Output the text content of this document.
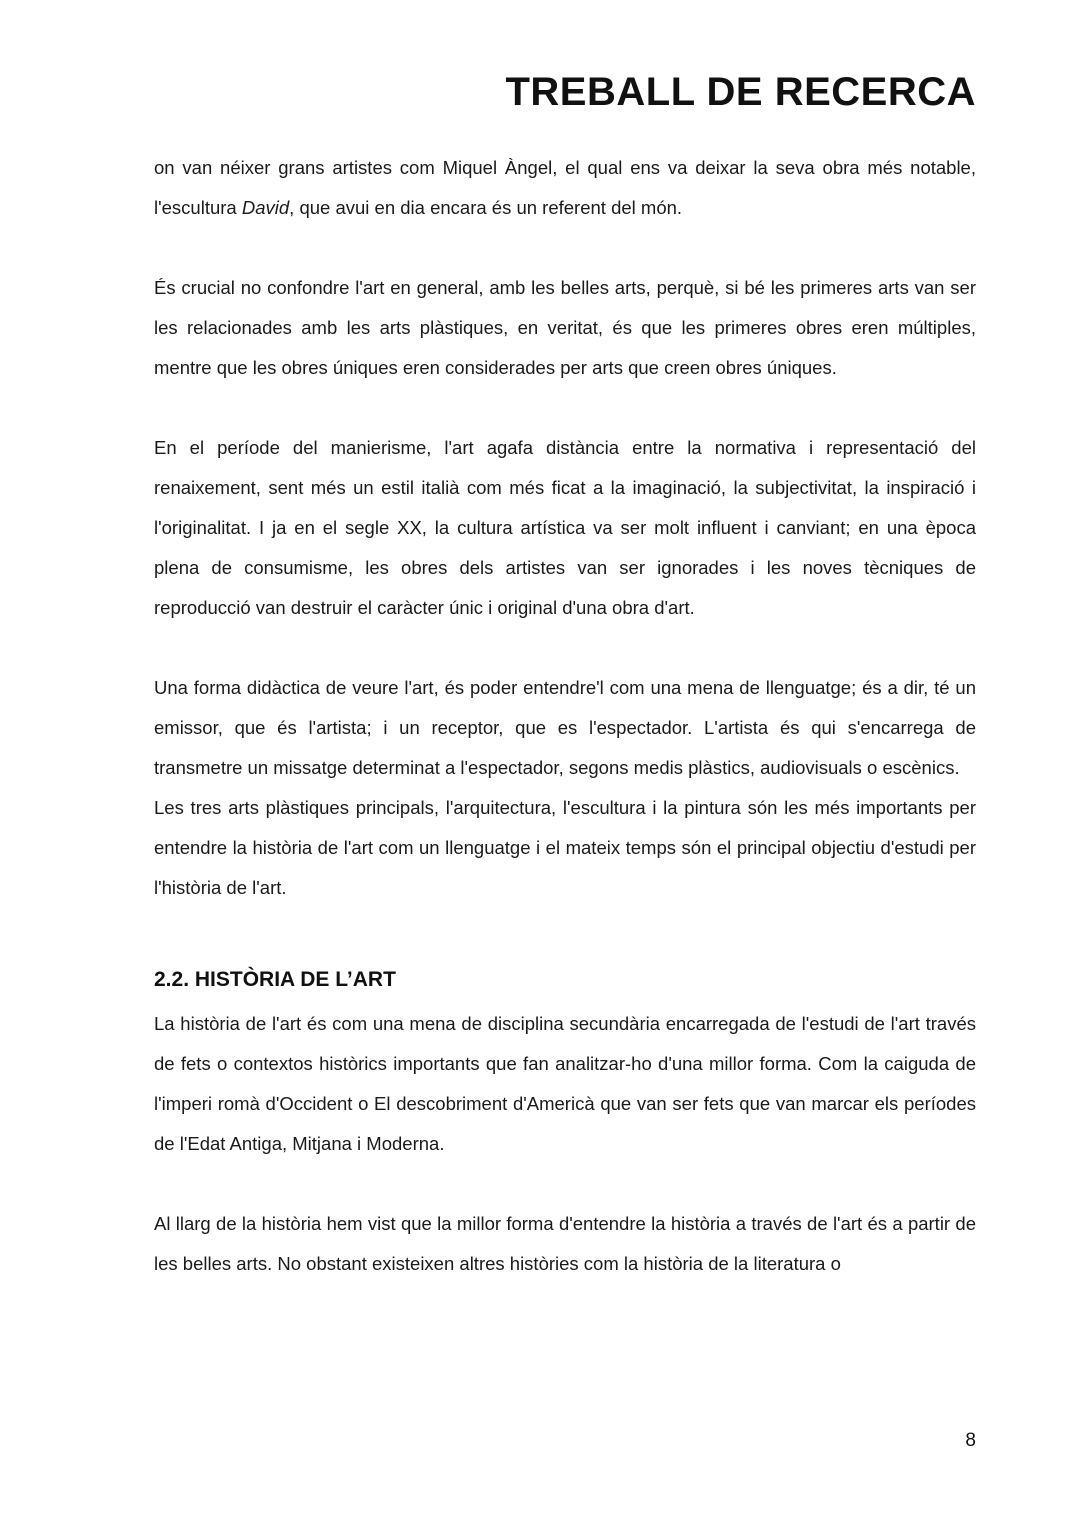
TREBALL DE RECERCA

on van néixer grans artistes com Miquel Àngel, el qual ens va deixar la seva obra més notable, l'escultura David, que avui en dia encara és un referent del món.

És crucial no confondre l'art en general, amb les belles arts, perquè, si bé les primeres arts van ser les relacionades amb les arts plàstiques, en veritat, és que les primeres obres eren múltiples, mentre que les obres úniques eren considerades per arts que creen obres úniques.

En el període del manierisme, l'art agafa distància entre la normativa i representació del renaixement, sent més un estil italià com més ficat a la imaginació, la subjectivitat, la inspiració i l'originalitat. I ja en el segle XX, la cultura artística va ser molt influent i canviant; en una època plena de consumisme, les obres dels artistes van ser ignorades i les noves tècniques de reproducció van destruir el caràcter únic i original d'una obra d'art.

Una forma didàctica de veure l'art, és poder entendre'l com una mena de llenguatge; és a dir, té un emissor, que és l'artista; i un receptor, que es l'espectador. L'artista és qui s'encarrega de transmetre un missatge determinat a l'espectador, segons medis plàstics, audiovisuals o escènics.

Les tres arts plàstiques principals, l'arquitectura, l'escultura i la pintura són les més importants per entendre la història de l'art com un llenguatge i el mateix temps són el principal objectiu d'estudi per l'història de l'art.

2.2. HISTÒRIA DE L’ART

La història de l'art és com una mena de disciplina secundària encarregada de l'estudi de l'art través de fets o contextos històrics importants que fan analitzar-ho d'una millor forma. Com la caiguda de l'imperi romà d'Occident o El descobriment d'Americà que van ser fets que van marcar els períodes de l'Edat Antiga, Mitjana i Moderna.

Al llarg de la història hem vist que la millor forma d'entendre la història a través de l'art és a partir de les belles arts. No obstant existeixen altres històries com la història de la literatura o

8
